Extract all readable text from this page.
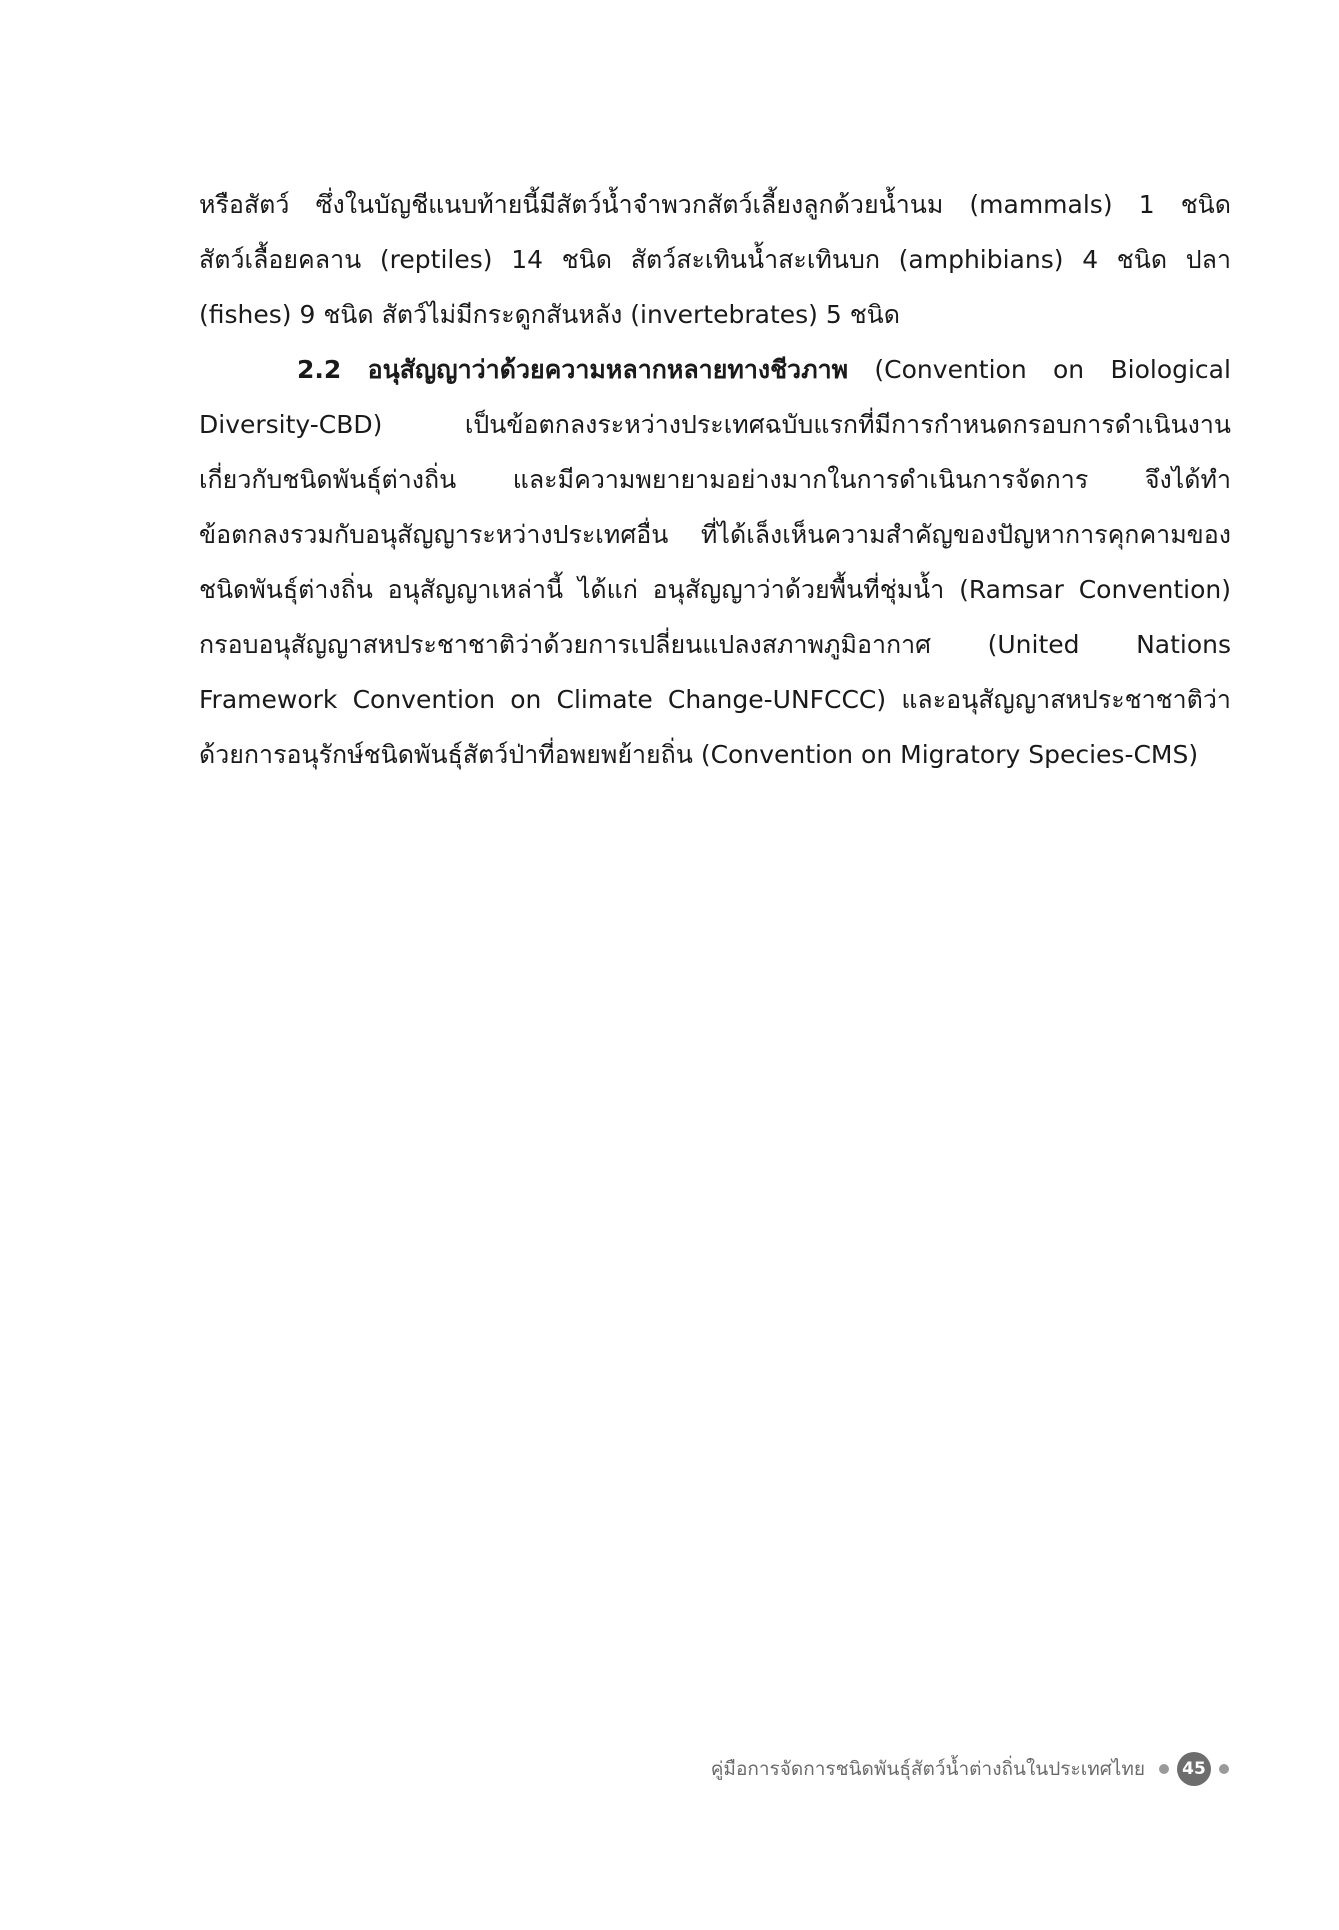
หรือสัตว์ ซึ่งในบัญชีแนบท้ายนี้มีสัตว์น้ำจำพวกสัตว์เลี้ยงลูกด้วยน้ำนม (mammals) 1 ชนิด
สัตว์เลื้อยคลาน (reptiles) 14 ชนิด สัตว์สะเทินน้ำสะเทินบก (amphibians) 4 ชนิด ปลา
(fishes) 9 ชนิด สัตว์ไม่มีกระดูกสันหลัง (invertebrates) 5 ชนิด
2.2 อนุสัญญาว่าด้วยความหลากหลายทางชีวภาพ (Convention on Biological
Diversity-CBD)	เป็นข้อตกลงระหว่างประเทศฉบับแรกที่มีการกำหนดกรอบการดำเนินงาน
เกี่ยวกับชนิดพันธุ์ต่างถิ่น และมีความพยายามอย่างมากในการดำเนินการจัดการ จึงได้ทำ
ข้อตกลงรวมกับอนุสัญญาระหว่างประเทศอื่น ที่ได้เล็งเห็นความสำคัญของปัญหาการคุกคามของ
ชนิดพันธุ์ต่างถิ่น อนุสัญญาเหล่านี้ ได้แก่ อนุสัญญาว่าด้วยพื้นที่ชุ่มน้ำ (Ramsar Convention)
กรอบอนุสัญญาสหประชาชาติว่าด้วยการเปลี่ยนแปลงสภาพภูมิอากาศ (United Nations
Framework Convention on Climate Change-UNFCCC) และอนุสัญญาสหประชาชาติว่า
ด้วยการอนุรักษ์ชนิดพันธุ์สัตว์ป่าที่อพยพย้ายถิ่น (Convention on Migratory Species-CMS)
คู่มือการจัดการชนิดพันธุ์สัตว์น้ำต่างถิ่นในประเทศไทย	45
